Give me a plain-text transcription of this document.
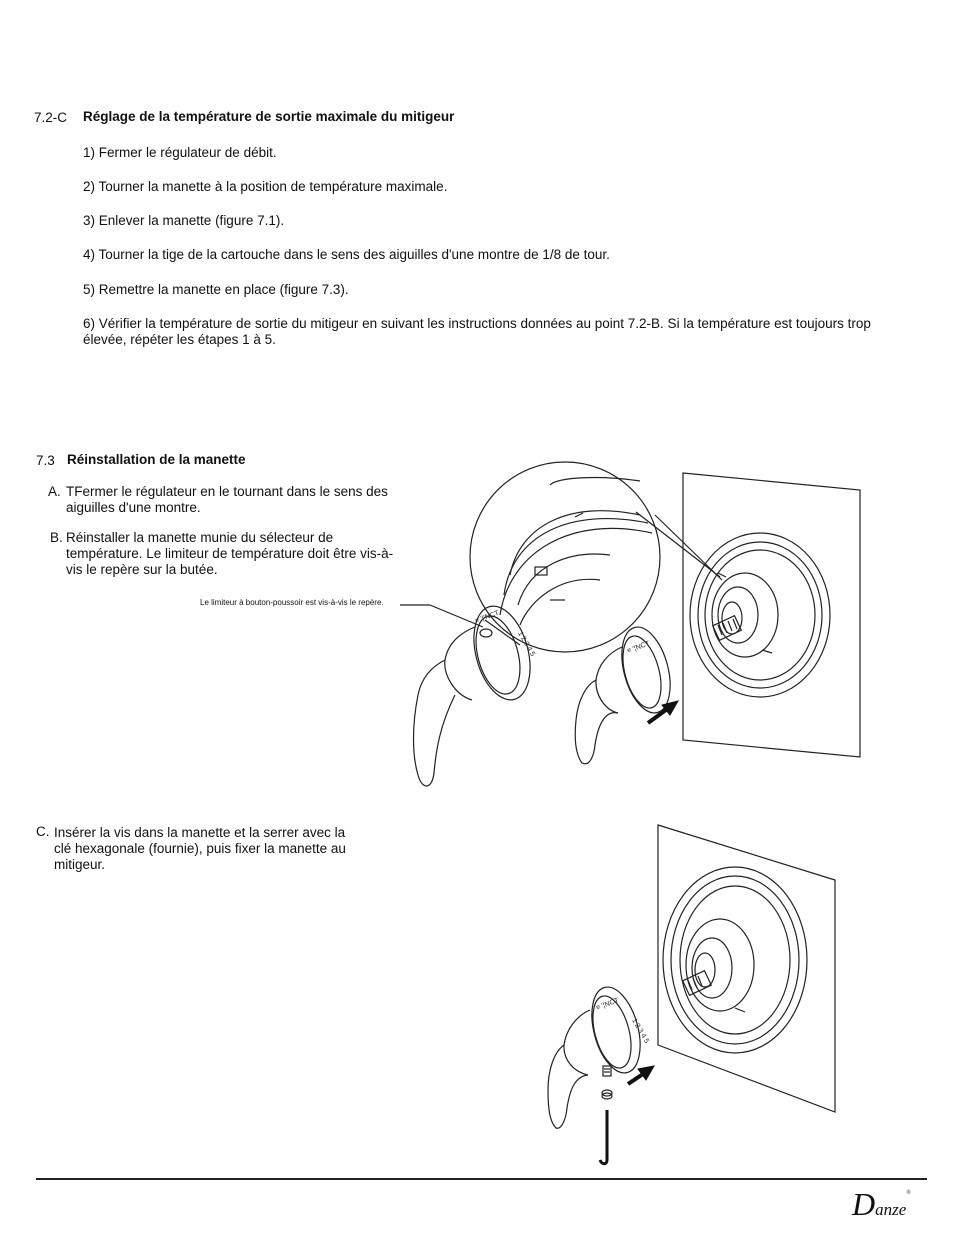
7.2-C Réglage de la température de sortie maximale du mitigeur
1) Fermer le régulateur de débit.
2) Tourner la manette à la position de température maximale.
3) Enlever la manette (figure 7.1).
4) Tourner la tige de la cartouche dans le sens des aiguilles d'une montre de 1/8 de tour.
5) Remettre la manette en place (figure 7.3).
6) Vérifier la température de sortie du mitigeur en suivant les instructions données au point 7.2-B. Si la température est toujours trop élevée, répéter les étapes 1 à 5.
7.3 Réinstallation de la manette
A. TFermer le régulateur en le tournant dans le sens des aiguilles d'une montre.
B. Réinstaller la manette munie du sélecteur de température. Le limiteur de température doit être vis-à-vis le repère sur la butée.
Le limiteur à bouton-poussoir est vis-à-vis le repère.
C. Insérer la vis dans la manette et la serrer avec la clé hexagonale (fournie), puis fixer la manette au mitigeur.
≡ ′¦′NCT
1 2 3 4 5	≡ ′¦NCT
≡ ′¦NCT
1 2 3 4 5
Danze®
